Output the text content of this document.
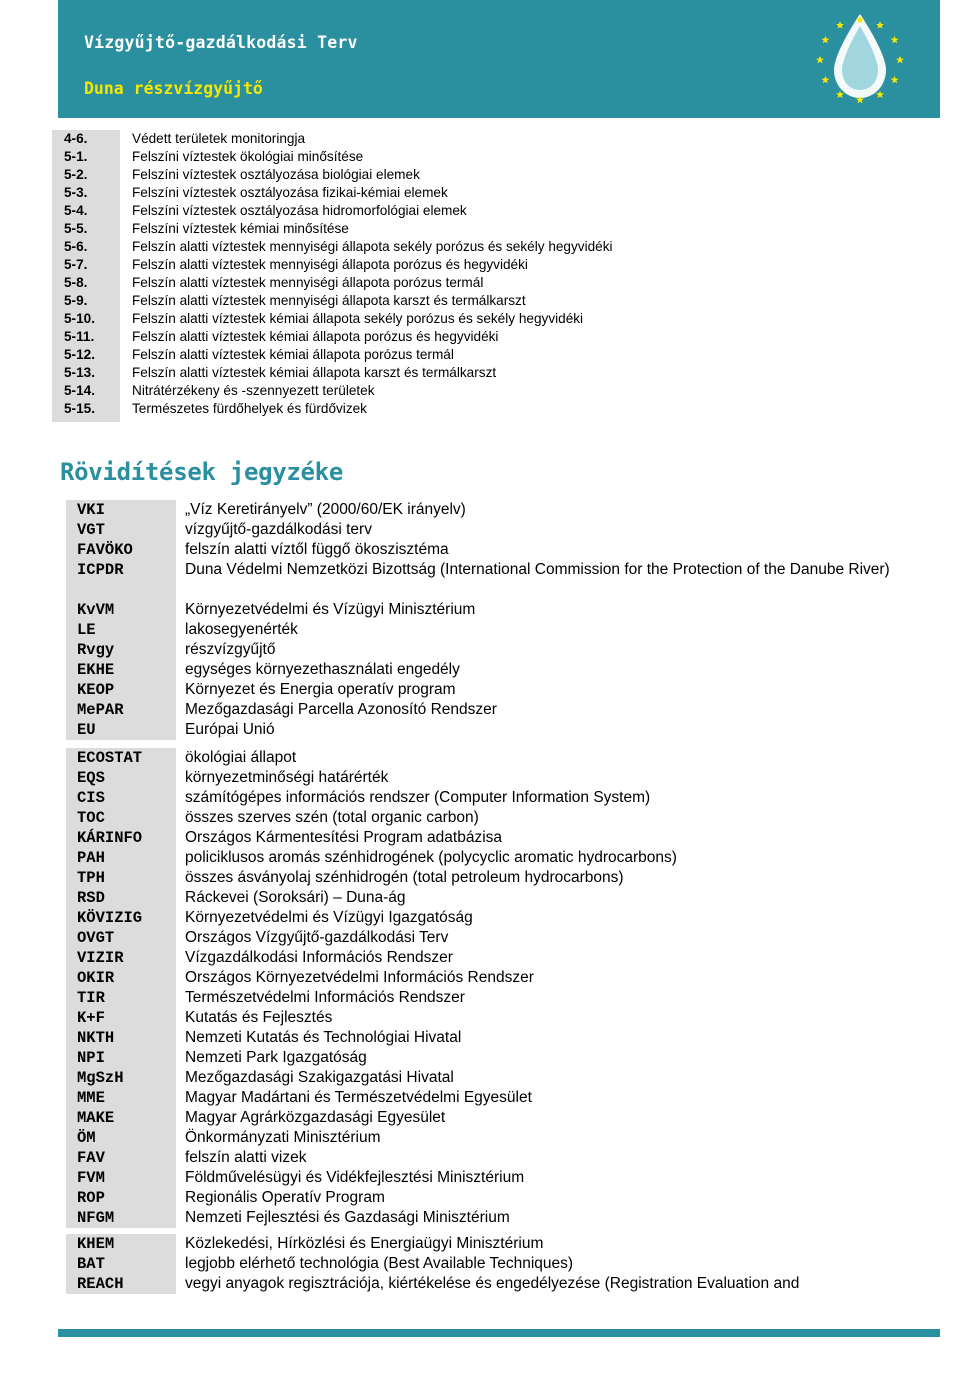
Vízgyűjtő-gazdálkodási Terv
Duna részvízgyűjtő
4-6.	Védett területek monitoringja
5-1.	Felszíni víztestek ökológiai minősítése
5-2.	Felszíni víztestek osztályozása biológiai elemek
5-3.	Felszíni víztestek osztályozása fizikai-kémiai elemek
5-4.	Felszíni víztestek osztályozása hidromorfológiai elemek
5-5.	Felszíni víztestek kémiai minősítése
5-6.	Felszín alatti víztestek mennyiségi állapota sekély porózus és sekély hegyvidéki
5-7.	Felszín alatti víztestek mennyiségi állapota porózus és hegyvidéki
5-8.	Felszín alatti víztestek mennyiségi állapota porózus termál
5-9.	Felszín alatti víztestek mennyiségi állapota karszt és termálkarszt
5-10.	Felszín alatti víztestek kémiai állapota sekély porózus és sekély hegyvidéki
5-11.	Felszín alatti víztestek kémiai állapota porózus és hegyvidéki
5-12.	Felszín alatti víztestek kémiai állapota porózus termál
5-13.	Felszín alatti víztestek kémiai állapota karszt és termálkarszt
5-14.	Nitrátérzékeny és -szennyezett területek
5-15.	Természetes fürdőhelyek és fürdővizek
Rövidítések jegyzéke
VKI	„Víz Keretirányelv” (2000/60/EK irányelv)
VGT	vízgyűjtő-gazdálkodási terv
FAVÖKO	felszín alatti víztől függő ökoszisztéma
ICPDR	Duna Védelmi Nemzetközi Bizottság (International Commission for the Protection of the Danube River)
KvVM	Környezetvédelmi és Vízügyi Minisztérium
LE	lakosegyenérték
Rvgy	részvízgyűjtő
EKHE	egységes környezethasználati engedély
KEOP	Környezet és Energia operatív program
MePAR	Mezőgazdasági Parcella Azonosító Rendszer
EU	Európai Unió
ECOSTAT	ökológiai állapot
EQS	környezetminőségi határérték
CIS	számítógépes információs rendszer (Computer Information System)
TOC	összes szerves szén (total organic carbon)
KÁRINFO	Országos Kármentesítési Program adatbázisa
PAH	policiklusos aromás szénhidrogének (polycyclic aromatic hydrocarbons)
TPH	összes ásványolaj szénhidrogén (total petroleum hydrocarbons)
RSD	Ráckevei (Soroksári) – Duna-ág
KÖVIZIG	Környezetvédelmi és Vízügyi Igazgatóság
OVGT	Országos Vízgyűjtő-gazdálkodási Terv
VIZIR	Vízgazdálkodási Információs Rendszer
OKIR	Országos Környezetvédelmi Információs Rendszer
TIR	Természetvédelmi Információs Rendszer
K+F	Kutatás és Fejlesztés
NKTH	Nemzeti Kutatás és Technológiai Hivatal
NPI	Nemzeti Park Igazgatóság
MgSzH	Mezőgazdasági Szakigazgatási Hivatal
MME	Magyar Madártani és Természetvédelmi Egyesület
MAKE	Magyar Agrárközgazdasági Egyesület
ÖM	Önkormányzati Minisztérium
FAV	felszín alatti vizek
FVM	Földművelésügyi és Vidékfejlesztési Minisztérium
ROP	Regionális Operatív Program
NFGM	Nemzeti Fejlesztési és Gazdasági Minisztérium
KHEM	Közlekedési, Hírközlési és Energiaügyi Minisztérium
BAT	legjobb elérhető technológia (Best Available Techniques)
REACH	vegyi anyagok regisztrációja, kiértékelése és engedélyezése (Registration Evaluation and
